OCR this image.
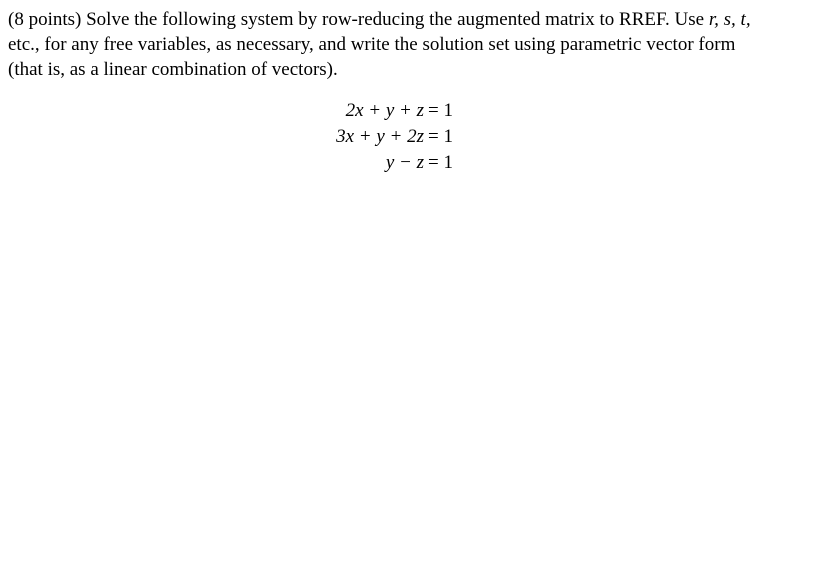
(8 points) Solve the following system by row-reducing the augmented matrix to RREF. Use r, s, t,
etc., for any free variables, as necessary, and write the solution set using parametric vector form
(that is, as a linear combination of vectors).
2x + y + z = 1
3x + y + 2z = 1
y − z = 1
